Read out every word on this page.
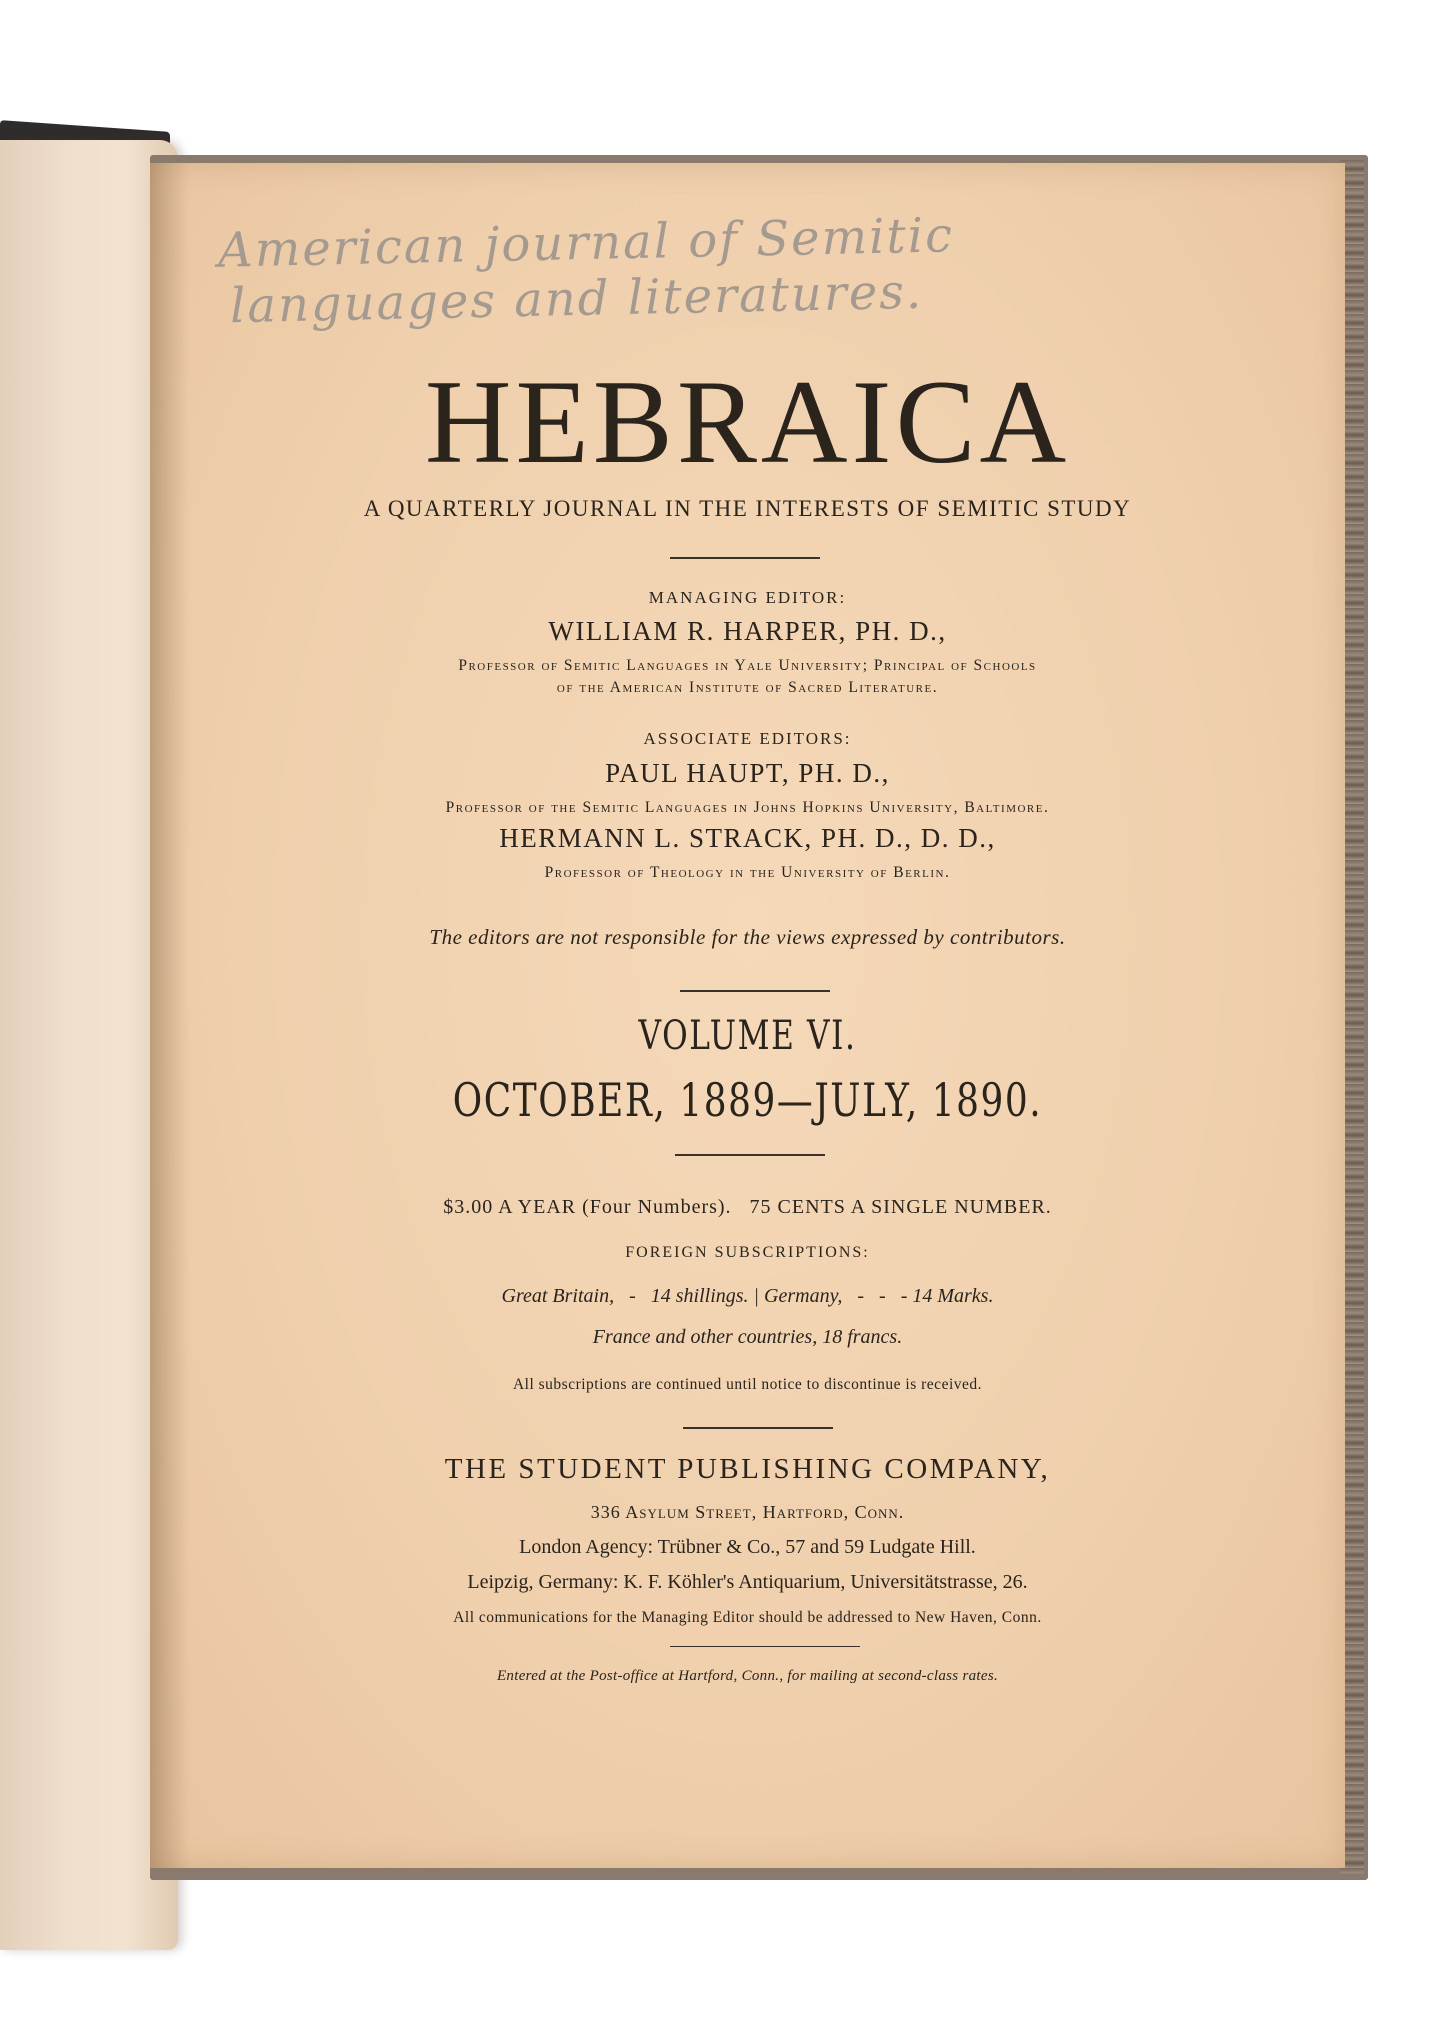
American journal of Semitic
languages and literatures.
HEBRAICA
A QUARTERLY JOURNAL IN THE INTERESTS OF SEMITIC STUDY
MANAGING EDITOR:
WILLIAM R. HARPER, PH. D.,
Professor of Semitic Languages in Yale University; Principal of Schools
of the American Institute of Sacred Literature.
ASSOCIATE EDITORS:
PAUL HAUPT, PH. D.,
Professor of the Semitic Languages in Johns Hopkins University, Baltimore.
HERMANN L. STRACK, PH. D., D. D.,
Professor of Theology in the University of Berlin.
The editors are not responsible for the views expressed by contributors.
VOLUME VI.
OCTOBER, 1889—JULY, 1890.
$3.00 A YEAR (Four Numbers).   75 CENTS A SINGLE NUMBER.
FOREIGN SUBSCRIPTIONS:
Great Britain,   -   14 shillings. | Germany,   -   -   - 14 Marks.
France and other countries, 18 francs.
All subscriptions are continued until notice to discontinue is received.
THE STUDENT PUBLISHING COMPANY,
336 Asylum Street, Hartford, Conn.
London Agency: Trübner & Co., 57 and 59 Ludgate Hill.
Leipzig, Germany: K. F. Köhler's Antiquarium, Universitätstrasse, 26.
All communications for the Managing Editor should be addressed to New Haven, Conn.
Entered at the Post-office at Hartford, Conn., for mailing at second-class rates.
